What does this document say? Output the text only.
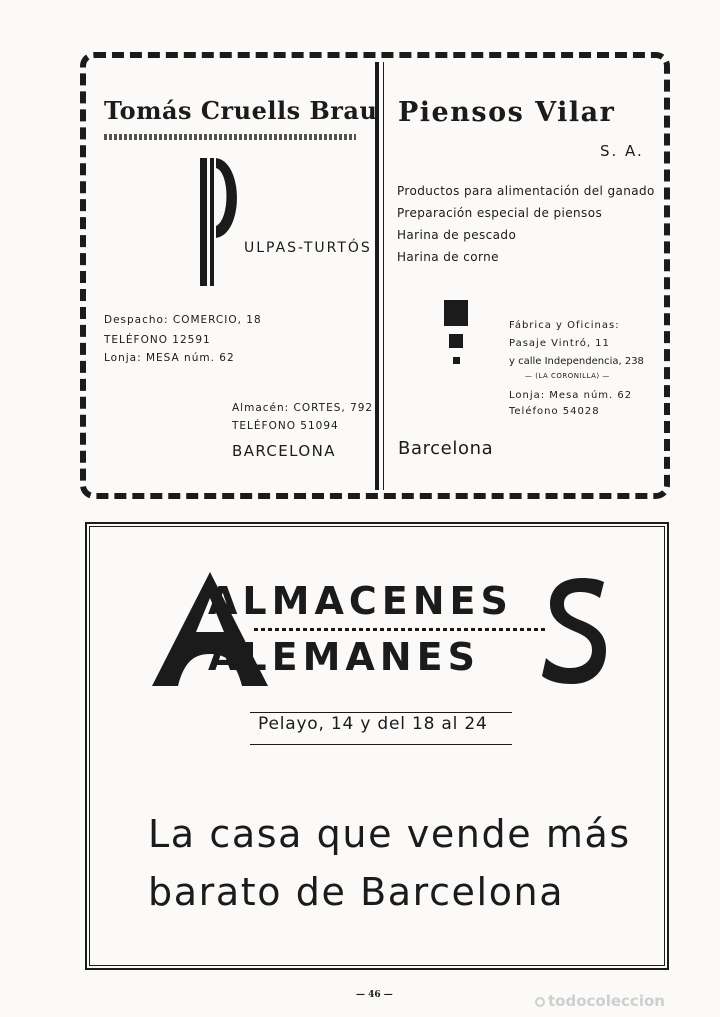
Tomás Cruells Brau
ULPAS-TURTÓS
Despacho: COMERCIO, 18
TELÉFONO 12591
Lonja: MESA núm. 62
Almacén: CORTES, 792
TELÉFONO 51094
BARCELONA
Piensos Vilar
S. A.
Productos para alimentación del ganado
Preparación especial de piensos
Harina de pescado
Harina de corne
Fábrica y Oficinas:
Pasaje Vintró, 11
y calle Independencia, 238
— (LA CORONILLA) —
Lonja: Mesa núm. 62
Teléfono 54028
Barcelona
ALMACENES
ALEMANES
Pelayo, 14 y del 18 al 24
La casa que vende más
barato de Barcelona
— 46 —	todocoleccion
